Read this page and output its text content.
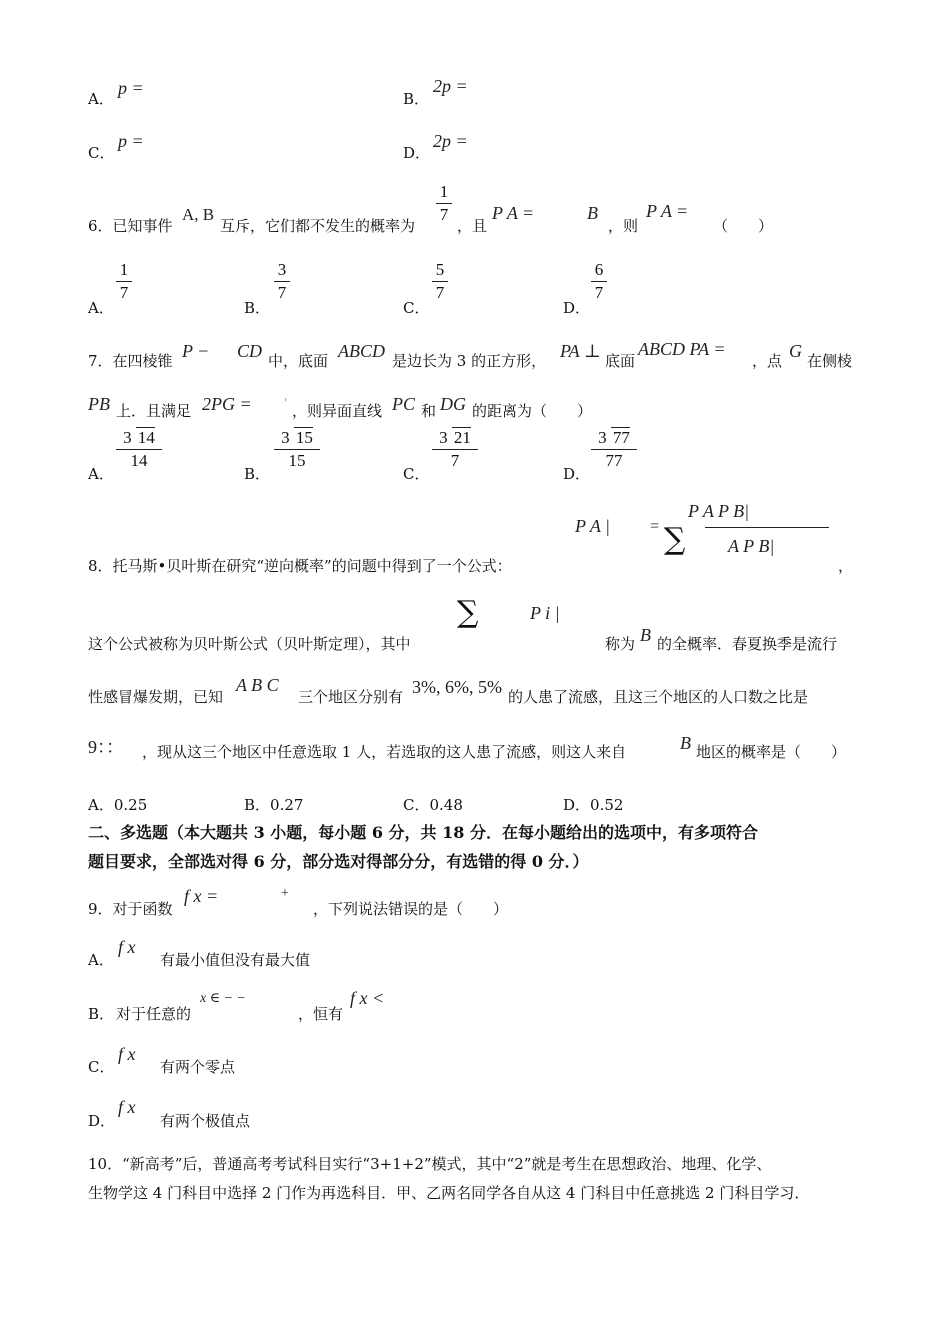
A．
p =
B．
2p =
C．
p =
D．
2p =
6．已知事件
A, B
互斥，它们都不发生的概率为
1
7
，且
P A =	B
，则
P A =
（　　）
A．
1
7
B．
3
7
C．
5
7
D．
6
7
7．在四棱锥 P − CD 中，底面 ABCD 是边长为 3 的正方形， PA ⊥ 底面
ABCD PA =
，点 G 在侧棱
PB 上．且满足 2PG =	' ，则异面直线 PC 和 DG 的距离为（　　）
A．
3 14
14
B．
3 15
15
C．
3 21
7
D．
3 77
77
P A |	= ∑
P A P B|
A P B|
8．托马斯•贝叶斯在研究“逆向概率”的问题中得到了一个公式：	，
∑	P i |
这个公式被称为贝叶斯公式（贝叶斯定理），其中	称为 B 的全概率．春夏换季是流行
性感冒爆发期，已知
A B C
三个地区分别有 3%, 6%, 5% 的人患了流感，且这三个地区的人口数之比是
9：： ，现从这三个地区中任意选取 1 人，若选取的这人患了流感，则这人来自	B 地区的概率是（　　）
A．0.25	B．0.27	C．0.48	D．0.52
二、多选题（本大题共 3 小题，每小题 6 分，共 18 分．在每小题给出的选项中，有多项符合
题目要求，全部选对得 6 分，部分选对得部分分，有选错的得 0 分．）
9．对于函数
f x =	+
，下列说法错误的是（　　）
A．
f x
有最小值但没有最大值
B． 对于任意的
x ∈ − −
，恒有
f x <
C．
f x
有两个零点
D．
f x
有两个极值点
10．“新高考”后，普通高考考试科目实行“3+1+2”模式，其中“2”就是考生在思想政治、地理、化学、
生物学这 4 门科目中选择 2 门作为再选科目．甲、乙两名同学各自从这 4 门科目中任意挑选 2 门科目学习．
